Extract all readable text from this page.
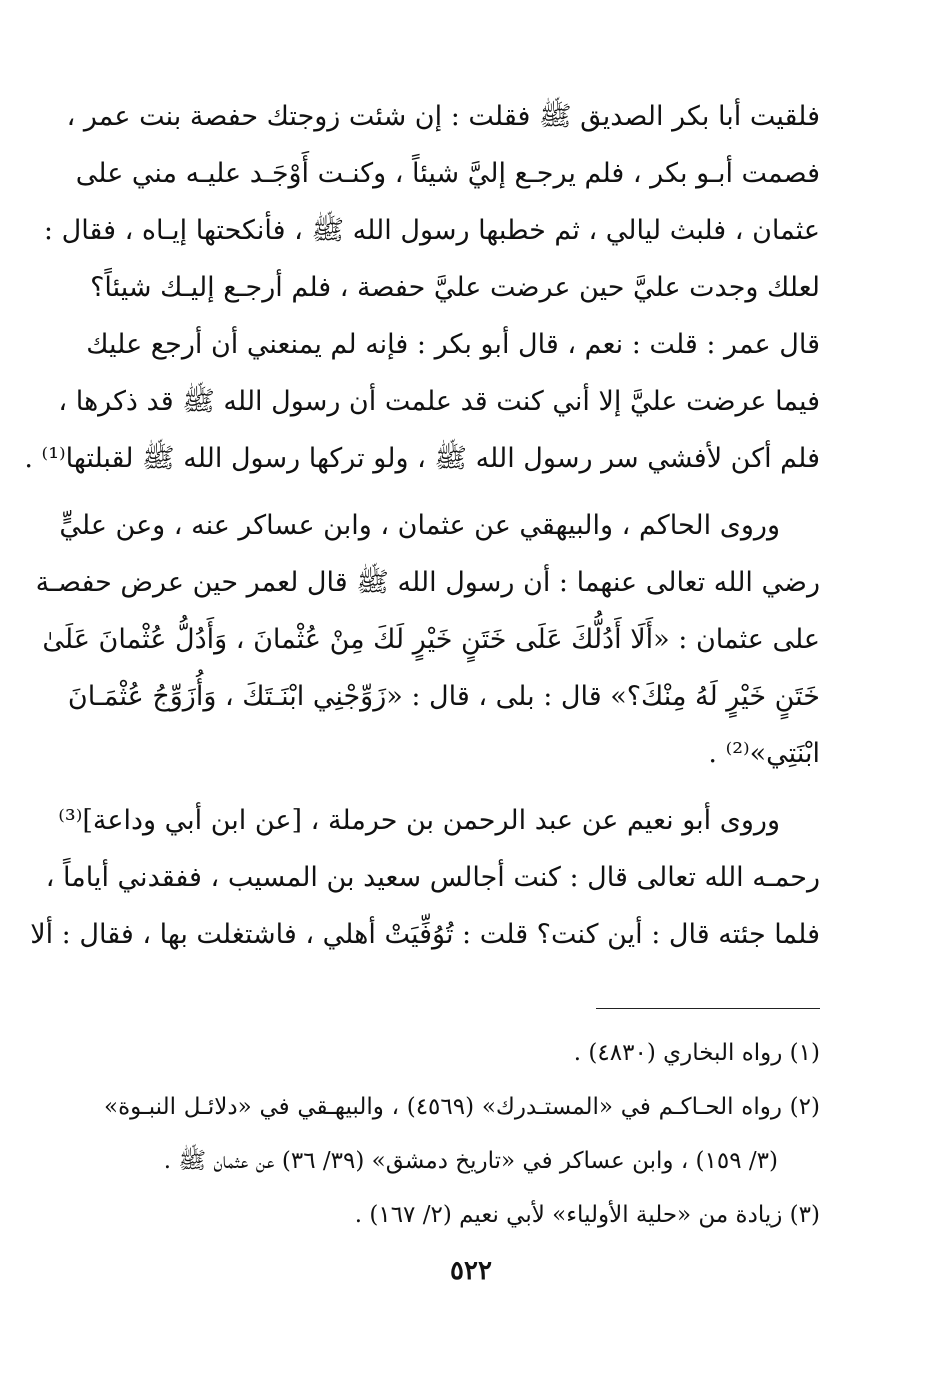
فلقيت أبا بكر الصديق ﷺ فقلت : إن شئت زوجتك حفصة بنت عمر ،
فصمت أبـو بكر ، فلم يرجـع إليَّ شيئاً ، وكنـت أَوْجَـد عليـه مني على
عثمان ، فلبث ليالي ، ثم خطبها رسول الله ﷺ ، فأنكحتها إيـاه ، فقال :
لعلك وجدت عليَّ حين عرضت عليَّ حفصة ، فلم أرجـع إليـك شيئاً؟
قال عمر : قلت : نعم ، قال أبو بكر : فإنه لم يمنعني أن أرجع عليك
فيما عرضت عليَّ إلا أني كنت قد علمت أن رسول الله ﷺ قد ذكرها ،
فلم أكن لأفشي سر رسول الله ﷺ ، ولو تركها رسول الله ﷺ لقبلتها⁽¹⁾ .
وروى الحاكم ، والبيهقي عن عثمان ، وابن عساكر عنه ، وعن عليٍّ
رضي الله تعالى عنهما : أن رسول الله ﷺ قال لعمر حين عرض حفصـة
على عثمان : «أَلَا أَدُلُّكَ عَلَى خَتَنٍ خَيْرٍ لَكَ مِنْ عُثْمانَ ، وَأَدُلُّ عُثْمانَ عَلَىٰ
خَتَنٍ خَيْرٍ لَهُ مِنْكَ؟» قال : بلى ، قال : «زَوِّجْنِي ابْنَـتَكَ ، وَأُزَوِّجُ عُثْمَـانَ
ابْنَتِي»⁽²⁾ .
وروى أبو نعيم عن عبد الرحمن بن حرملة ، [عن ابن أبي وداعة]⁽³⁾
رحمـه الله تعالى قال : كنت أجالس سعيد بن المسيب ، ففقدني أياماً ،
فلما جئته قال : أين كنت؟ قلت : تُوُفِّيَتْ أهلي ، فاشتغلت بها ، فقال : ألا
(١) رواه البخاري (٤٨٣٠) .
(٢) رواه الحـاكـم في «المستـدرك» (٤٥٦٩) ، والبيهـقي في «دلائـل النبـوة»
(٣/ ١٥٩) ، وابن عساكر في «تاريخ دمشق» (٣٩/ ٣٦) عن عثمان ﷺ .
(٣) زيادة من «حلية الأولياء» لأبي نعيم (٢/ ١٦٧) .
٥٢٢
